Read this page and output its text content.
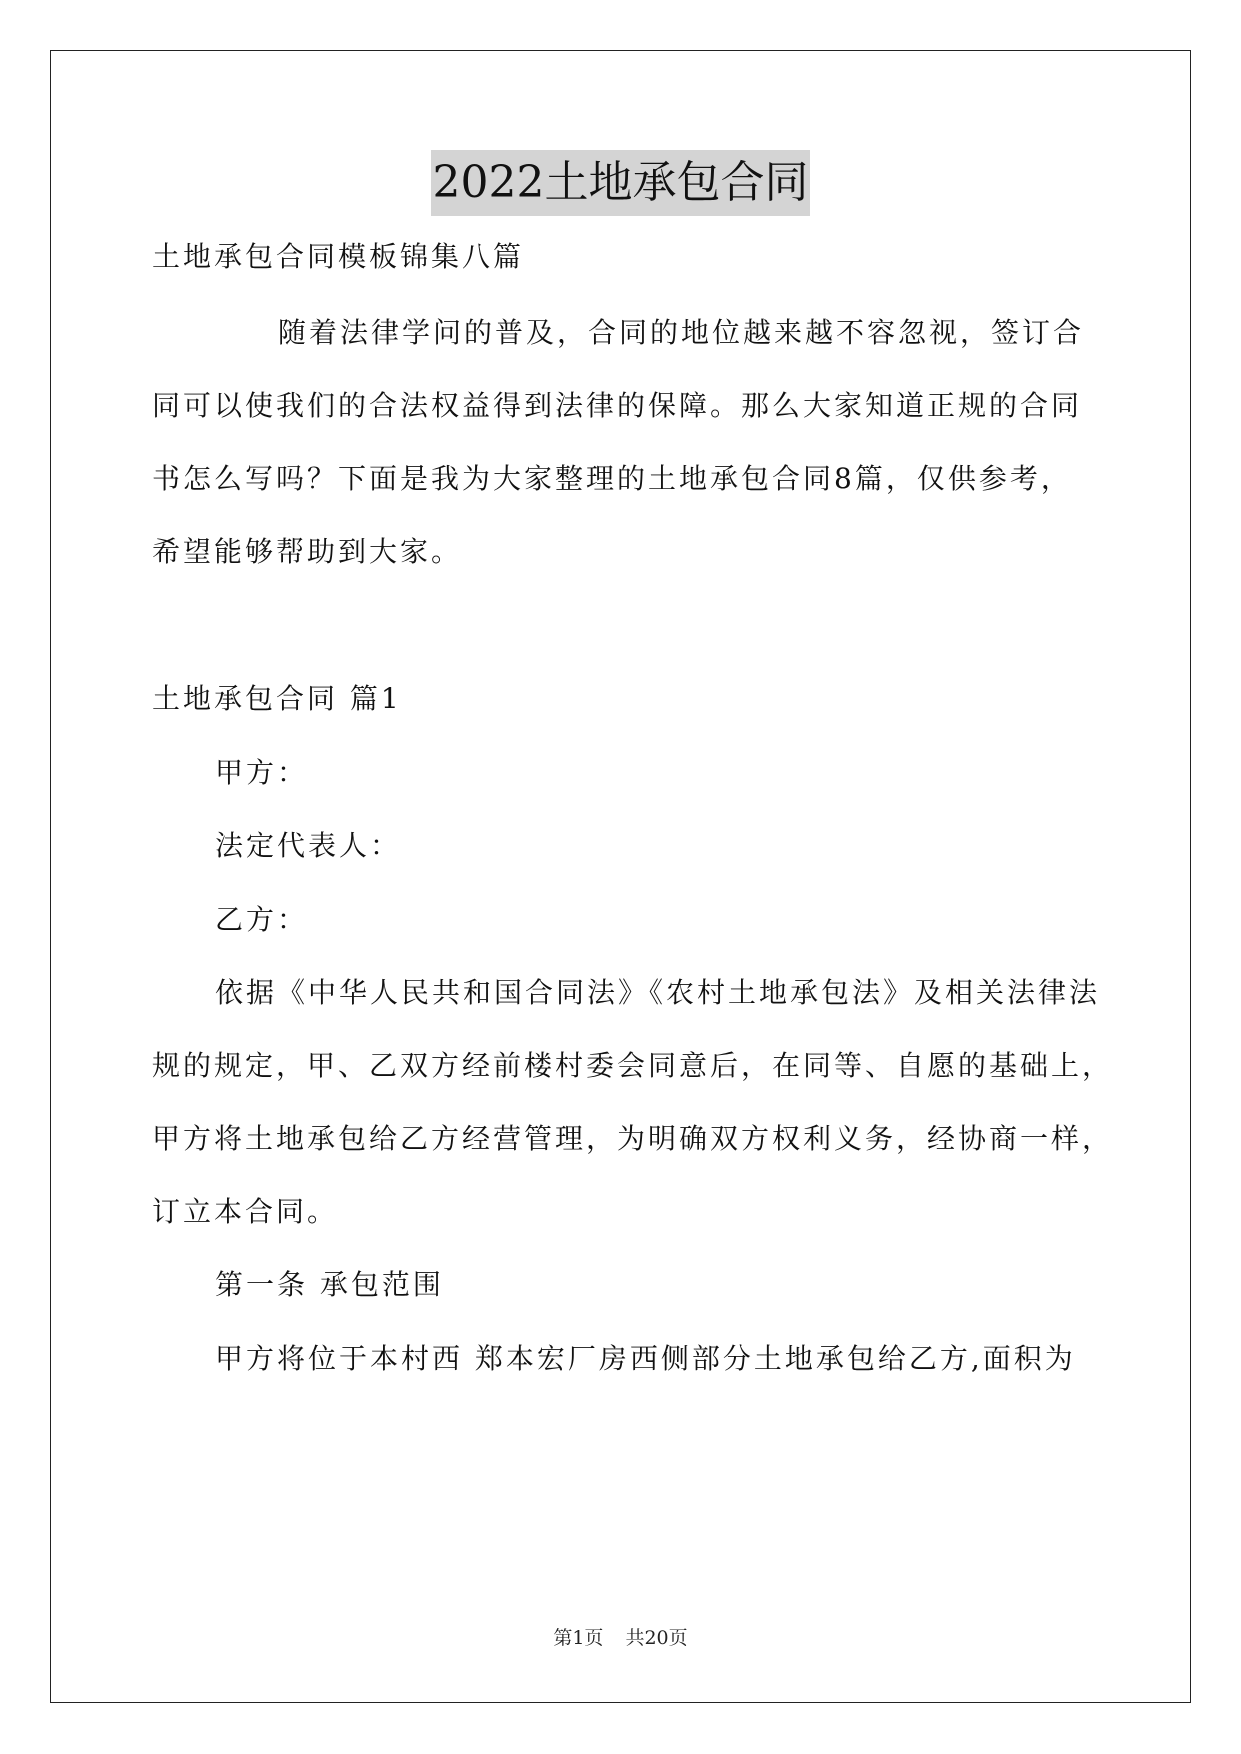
2022土地承包合同
土地承包合同模板锦集八篇
随着法律学问的普及，合同的地位越来越不容忽视，签订合
同可以使我们的合法权益得到法律的保障。那么大家知道正规的合同
书怎么写吗？下面是我为大家整理的土地承包合同8篇，仅供参考，
希望能够帮助到大家。
土地承包合同 篇1
甲方：
法定代表人：
乙方：
依据《中华人民共和国合同法》《农村土地承包法》及相关法律法
规的规定，甲、乙双方经前楼村委会同意后，在同等、自愿的基础上，
甲方将土地承包给乙方经营管理，为明确双方权利义务，经协商一样，
订立本合同。
第一条 承包范围
甲方将位于本村西 郑本宏厂房西侧部分土地承包给乙方,面积为
第1页 共20页
